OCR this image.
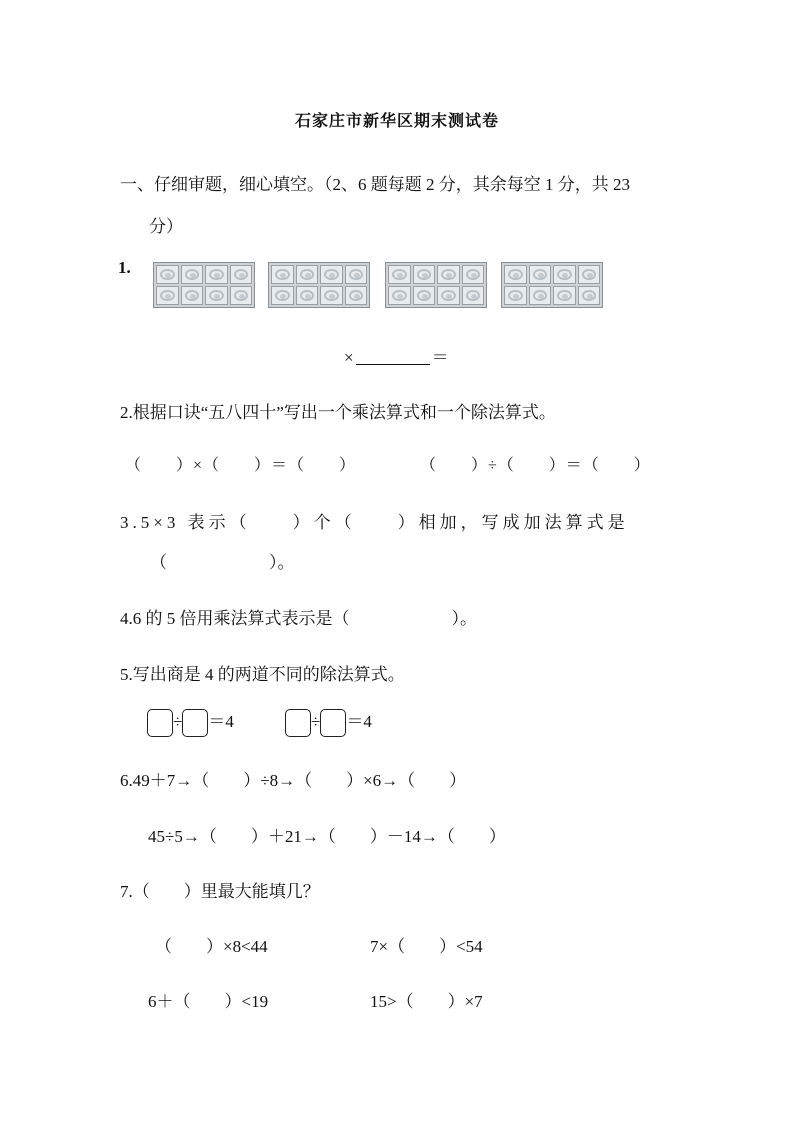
石家庄市新华区期末测试卷
一、仔细审题，细心填空。（2、6 题每题 2 分，其余每空 1 分，共 23
分）
1.
×	＝
2.根据口诀“五八四十”写出一个乘法算式和一个除法算式。
（　　）×（　　）＝（　　）	（　　）÷（　　）＝（　　）
3.5×3 表示（　　）个（　　）相加，写成加法算式是
（　　　　　　）。
4.6 的 5 倍用乘法算式表示是（　　　　　　）。
5.写出商是 4 的两道不同的除法算式。
÷ ＝4	÷ ＝4
6.49＋7→（　　）÷8→（　　）×6→（　　）
45÷5→（　　）＋21→（　　）－14→（　　）
7.（　　）里最大能填几？
（　　）×8<44	7×（　　）<54
6＋（　　）<19	15>（　　）×7
